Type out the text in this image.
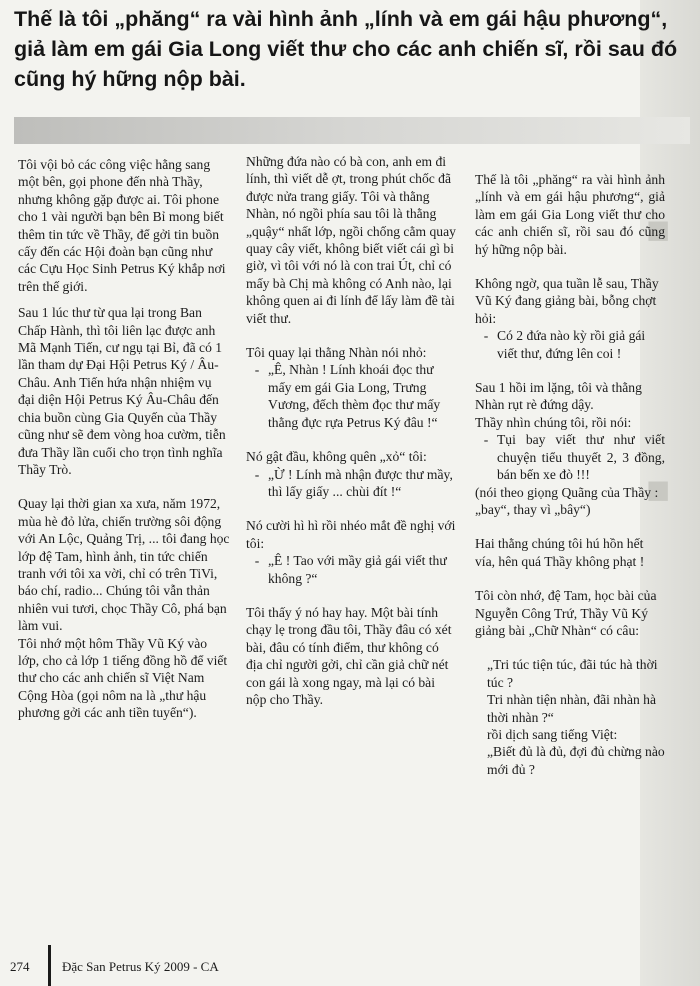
■
■
Thế là tôi „phăng“ ra vài hình ảnh „lính và em gái hậu phương“, giả làm em gái Gia Long viết thư cho các anh chiến sĩ, rồi sau đó cũng hý hững nộp bài.

Tôi vội bỏ các công việc hằng sang một bên, gọi phone đến nhà Thầy, nhưng không gặp được ai. Tôi phone cho 1 vài người bạn bên Bỉ mong biết thêm tin tức về Thầy, để gởi tin buồn cấy đến các Hội đoàn bạn cũng như các Cựu Học Sinh Petrus Ký khắp nơi trên thế giới.

Sau 1 lúc thư từ qua lại trong Ban Chấp Hành, thì tôi liên lạc được anh Mã Mạnh Tiến, cư ngụ tại Bỉ, đã có 1 lần tham dự Đại Hội Petrus Ký / Âu-Châu. Anh Tiến hứa nhận nhiệm vụ đại diện Hội Petrus Ký Âu-Châu đến chia buồn cùng Gia Quyến của Thầy cũng như sẽ đem vòng hoa cườm, tiễn đưa Thầy lần cuối cho trọn tình nghĩa Thầy Trò.

Quay lại thời gian xa xưa, năm 1972, mùa hè đỏ lửa, chiến trường sôi động với An Lộc, Quảng Trị, ... tôi đang học lớp đệ Tam, hình ảnh, tin tức chiến tranh với tôi xa vời, chỉ có trên TiVi, báo chí, radio... Chúng tôi vẫn thản nhiên vui tươi, chọc Thầy Cô, phá bạn làm vui.

Tôi nhớ một hôm Thầy Vũ Ký vào lớp, cho cả lớp 1 tiếng đồng hồ để viết thư cho các anh chiến sĩ Việt Nam Cộng Hòa (gọi nôm na là „thư hậu phương gởi các anh tiền tuyến“).

Những đứa nào có bà con, anh em đi lính, thì viết dễ ợt, trong phút chốc đã được nửa trang giấy. Tôi và thằng Nhàn, nó ngồi phía sau tôi là thằng „quậy“ nhất lớp, ngồi chống cằm quay quay cây viết, không biết viết cái gì bi giờ, vì tôi với nó là con trai Út, chỉ có mấy bà Chị mà không có Anh nào, lại không quen ai đi lính để lấy làm đề tài viết thư.

Tôi quay lại thằng Nhàn nói nhỏ:

- „Ê, Nhàn ! Lính khoái đọc thư mấy em gái Gia Long, Trưng Vương, đếch thèm đọc thư mấy thằng đực rựa Petrus Ký đâu !“

Nó gật đầu, không quên „xỏ“ tôi:

- „Ừ ! Lính mà nhận được thư mầy, thì lấy giấy ... chùi đít !“

Nó cười hì hì rồi nhéo mắt đề nghị với tôi:

- „Ê ! Tao với mầy giả gái viết thư không ?“

Tôi thấy ý nó hay hay. Một bài tính chạy lẹ trong đầu tôi, Thầy đâu có xét bài, đâu có tính điểm, thư không có địa chỉ người gởi, chỉ cần giả chữ nét con gái là xong ngay, mà lại có bài nộp cho Thầy.

Thế là tôi „phăng“ ra vài hình ảnh „lính và em gái hậu phương“, giả làm em gái Gia Long viết thư cho các anh chiến sĩ, rồi sau đó cũng hý hững nộp bài.

Không ngờ, qua tuần lễ sau, Thầy Vũ Ký đang giảng bài, bỗng chợt hỏi:

- Có 2 đứa nào kỳ rồi giả gái viết thư, đứng lên coi !

Sau 1 hồi im lặng, tôi và thằng Nhàn rụt rè đứng dậy.

Thầy nhìn chúng tôi, rồi nói:

- Tụi bay viết thư như viết chuyện tiểu thuyết 2, 3 đồng, bán bến xe đò !!!

(nói theo giọng Quãng của Thầy : „bay“, thay vì „bây“)

Hai thằng chúng tôi hú hồn hết vía, hên quá Thầy không phạt !

Tôi còn nhớ, đệ Tam, học bài của Nguyễn Công Trứ, Thầy Vũ Ký giảng bài „Chữ Nhàn“ có câu:

„Tri túc tiện túc, đãi túc hà thời túc ?

Tri nhàn tiện nhàn, đãi nhàn hà thời nhàn ?“

rồi dịch sang tiếng Việt:

„Biết đủ là đủ, đợi đủ chừng nào mới đủ ?

274	Đặc San Petrus Ký 2009 - CA
